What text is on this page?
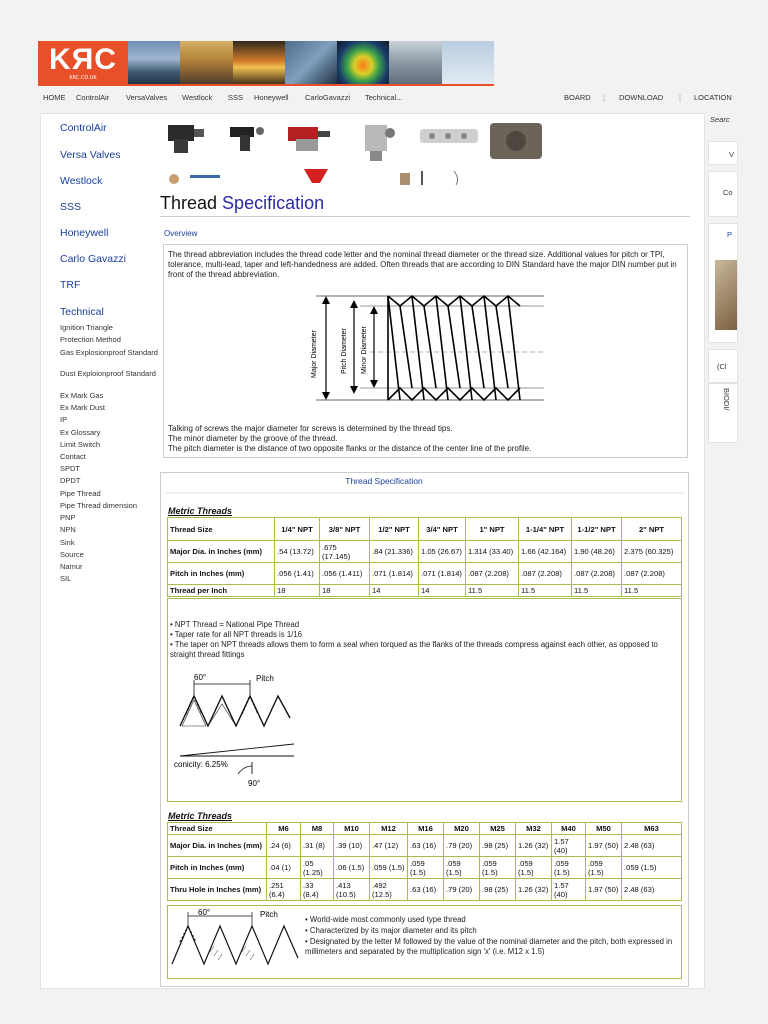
KЯC
KRC.CO.UK
HOME ControlAir VersaValves Westlock SSS Honeywell CarloGavazzi Technical...	BOARD ¦ DOWNLOAD ¦ LOCATION
ControlAir
Versa Valves
Westlock
SSS
Honeywell
Carlo Gavazzi
TRF
Technical
Ignition Triangle
Protection Method
Gas Explosionproof Standard
Dust Exploionproof Standard
Ex Mark Gas
Ex Mark Dust
IP
Ex Glossary
Limit Switch
Contact
SPDT
DPDT
Pipe Thread
Pipe Thread dimension
PNP
NPN
Sink
Source
Namur
SIL
Thread Specification
Overview
The thread abbreviation includes the thread code letter and the nominal thread diameter or the thread size. Additional values for pitch or TPI, tolerance, multi-lead, taper and left-handedness are added. Often threads that are according to DIN Standard have the major DIN number put in front of the thread abbreviation.
Major Diameter	Pitch Diameter Minor Diameter
Talking of screws the major diameter for screws is determined by the thread tips.
The minor diameter by the groove of the thread.
The pitch diameter is the distance of two opposite flanks or the distance of the center line of the profile.
Thread Specification
Metric Threads
Thread Size	1/4" NPT	3/8" NPT	1/2" NPT	3/4" NPT	1" NPT	1-1/4" NPT	1-1/2" NPT	2" NPT
Major Dia. in Inches (mm)	.54 (13.72)	.675 (17.145)	.84 (21.336)	1.05 (26.67)	1.314 (33.40)	1.66 (42.164)	1.90 (48.26)	2.375 (60.325)
Pitch in Inches (mm)	.056 (1.41)	.056 (1.411)	.071 (1.814)	.071 (1.814)	.087 (2.208)	.087 (2.208)	.087 (2.208)	.087 (2.208)
Thread per Inch	18	18	14	14	11.5	11.5	11.5	11.5
• NPT Thread = National Pipe Thread
• Taper rate for all NPT threads is 1/16
• The taper on NPT threads allows them to form a seal when torqued as the flanks of the threads compress against each other, as opposed to straight thread fittings
60°	Pitch
conicity: 6.25%
90°
Metric Threads
Thread Size	M6	M8	M10	M12	M16	M20	M25	M32	M40	M50	M63
Major Dia. in Inches (mm)	.24 (6)	.31 (8)	.39 (10)	.47 (12)	.63 (16)	.79 (20)	.98 (25)	1.26 (32)	1.57 (40)	1.97 (50)	2.48 (63)
Pitch in Inches (mm)	.04 (1)	.05 (1.25)	.06 (1.5)	.059 (1.5)	.059 (1.5)	.059 (1.5)	.059 (1.5)	.059 (1.5)	.059 (1.5)	.059 (1.5)	.059 (1.5)
Thru Hole in Inches (mm)	.251 (6.4)	.33 (8.4)	.413 (10.5)	.492 (12.5)	.63 (16)	.79 (20)	.98 (25)	1.26 (32)	1.57 (40)	1.97 (50)	2.48 (63)
60°	Pitch
• World-wide most commonly used type thread
• Characterized by its major diameter and its pitch
• Designated by the letter M followed by the value of the nominal diameter and the pitch, both expressed in millimeters and separated by the multiplication sign 'x' (i.e. M12 x 1.5)
Searc
V
Co
P
(Cl
BIODI/
